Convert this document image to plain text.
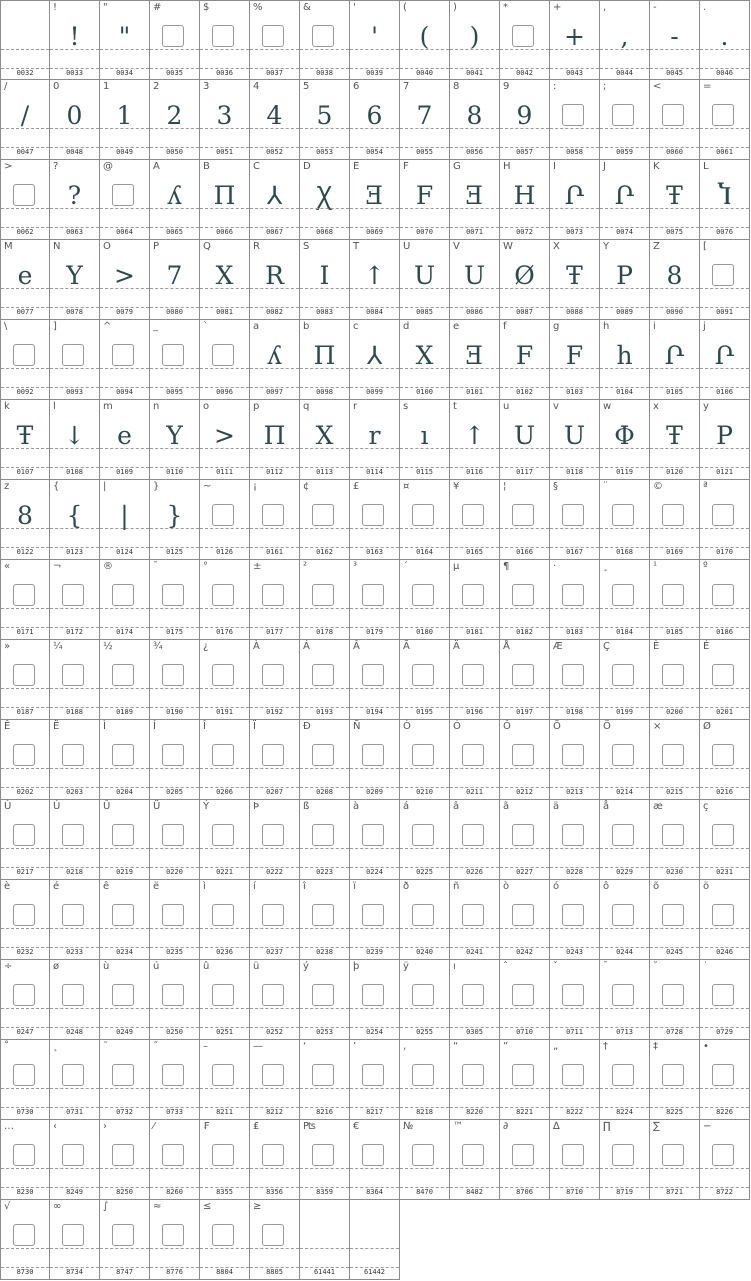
0032
!
!
0033
"
"
0034
#
0035
$
0036
%
0037
&
0038
'
'
0039
(
(
0040
)
)
0041
*
0042
+
+
0043
,
,
0044
-
-
0045
.
.
0046
/
/
0047
0
0
0048
1
1
0049
2
2
0050
3
3
0051
4
4
0052
5
5
0053
6
6
0054
7
7
0055
8
8
0056
9
9
0057
:
0058
;
0059
<
0060
=
0061
>
0062
?
?
0063
@
0064
A
ʎ
0065
B
Π
0066
C
⅄
0067
D
Ꭓ
0068
E
Ǝ
0069
F
F
0070
G
Ǝ
0071
H
H
0072
I
Ր
0073
J
Ր
0074
K
Ŧ
0075
L
Ⴈ
0076
M
e
0077
N
Y
0078
O
>
0079
P
7
0080
Q
X
0081
R
R
0082
S
I
0083
T
↑
0084
U
U
0085
V
U
0086
W
Ø
0087
X
Ŧ
0088
Y
P
0089
Z
8
0090
[
0091
\
0092
]
0093
^
0094
_
0095
`
0096
a
ʎ
0097
b
Π
0098
c
⅄
0099
d
X
0100
e
Ǝ
0101
f
F
0102
g
F
0103
h
h
0104
i
Ր
0105
j
Ր
0106
k
Ŧ
0107
l
↓
0108
m
e
0109
n
Y
0110
o
>
0111
p
Π
0112
q
X
0113
r
r
0114
s
ı
0115
t
↑
0116
u
U
0117
v
U
0118
w
Φ
0119
x
Ŧ
0120
y
P
0121
z
8
0122
{
{
0123
|
|
0124
}
}
0125
~
0126
¡
0161
¢
0162
£
0163
¤
0164
¥
0165
¦
0166
§
0167
¨
0168
©
0169
ª
0170
«
0171
¬
0172
®
0174
¯
0175
°
0176
±
0177
²
0178
³
0179
´
0180
µ
0181
¶
0182
·
0183
¸
0184
¹
0185
º
0186
»
0187
¼
0188
½
0189
¾
0190
¿
0191
À
0192
Á
0193
Â
0194
Ã
0195
Ä
0196
Å
0197
Æ
0198
Ç
0199
È
0200
É
0201
Ê
0202
Ë
0203
Ì
0204
Í
0205
Î
0206
Ï
0207
Ð
0208
Ñ
0209
Ò
0210
Ó
0211
Ô
0212
Õ
0213
Ö
0214
×
0215
Ø
0216
Ù
0217
Ú
0218
Û
0219
Ü
0220
Ý
0221
Þ
0222
ß
0223
à
0224
á
0225
â
0226
ã
0227
ä
0228
å
0229
æ
0230
ç
0231
è
0232
é
0233
ê
0234
ë
0235
ì
0236
í
0237
î
0238
ï
0239
ð
0240
ñ
0241
ò
0242
ó
0243
ô
0244
õ
0245
ö
0246
÷
0247
ø
0248
ù
0249
ú
0250
û
0251
ü
0252
ý
0253
þ
0254
ÿ
0255
ı
0305
ˆ
0710
ˇ
0711
ˉ
0713
˘
0728
˙
0729
˚
0730
˛
0731
˜
0732
˝
0733
–
8211
—
8212
‘
8216
’
8217
‚
8218
“
8220
”
8221
„
8222
†
8224
‡
8225
•
8226
…
8230
‹
8249
›
8250
⁄
8260
₣
8355
₤
8356
₧
8359
€
8364
№
8470
™
8482
∂
8706
∆
8710
∏
8719
∑
8721
−
8722
√
8730
∞
8734
∫
8747
≈
8776
≤
8804
≥
8805	61441	61442
